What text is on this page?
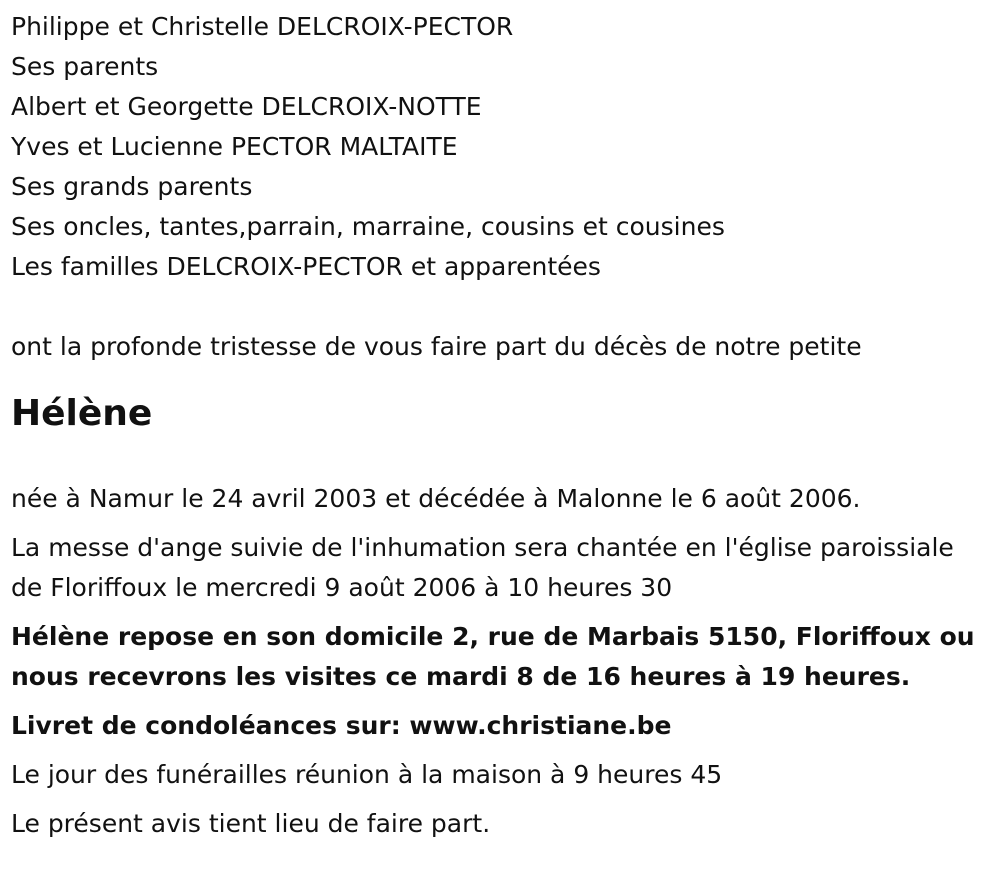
Philippe et Christelle DELCROIX-PECTOR
Ses parents
Albert et Georgette DELCROIX-NOTTE
Yves et Lucienne PECTOR MALTAITE
Ses grands parents
Ses oncles, tantes,parrain, marraine, cousins et cousines
Les familles DELCROIX-PECTOR et apparentées

ont la profonde tristesse de vous faire part du décès de notre petite

Hélène

née à Namur le 24 avril 2003 et décédée à Malonne le 6 août 2006.

La messe d'ange suivie de l'inhumation sera chantée en l'église paroissiale de Floriffoux le mercredi 9 août 2006 à 10 heures 30

Hélène repose en son domicile 2, rue de Marbais 5150, Floriffoux ou nous recevrons les visites ce mardi 8 de 16 heures à 19 heures.

Livret de condoléances sur: www.christiane.be

Le jour des funérailles réunion à la maison à 9 heures 45

Le présent avis tient lieu de faire part.
